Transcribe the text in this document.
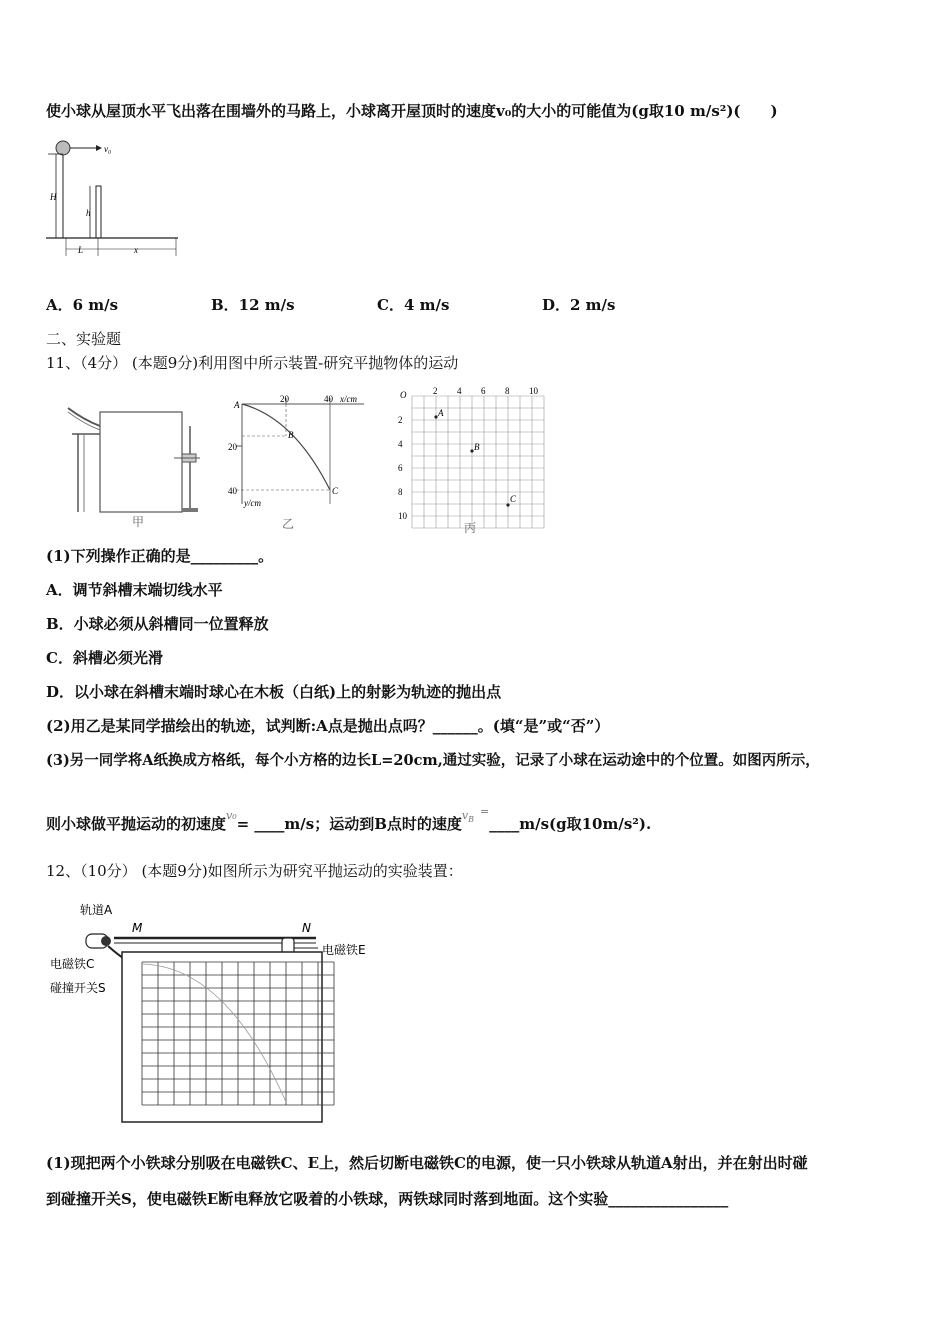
使小球从屋顶水平飞出落在围墙外的马路上，小球离开屋顶时的速度v₀的大小的可能值为(g取10 m/s²)(　　)
v₀
H
h
L	x
A．6 m/s	B．12 m/s	C．4 m/s	D．2 m/s
二、实验题
11、（4分） (本题9分)利用图中所示装置-研究平抛物体的运动
甲
20	40 x/cm
20
40
y/cm
A
B
C
乙
O	2 4 6 8 10
2
4
6
8
10
A
B
C
丙
(1)下列操作正确的是_________。
A．调节斜槽末端切线水平
B．小球必须从斜槽同一位置释放
C．斜槽必须光滑
D．以小球在斜槽末端时球心在木板（白纸)上的射影为轨迹的抛出点
(2)用乙是某同学描绘出的轨迹，试判断:A点是抛出点吗？______。(填“是”或“否”）
(3)另一同学将A纸换成方格纸，每个小方格的边长L=20cm,通过实验，记录了小球在运动途中的个位置。如图丙所示，
则小球做平抛运动的初速度$^{v_0}$= ____m/s；运动到B点时的速度$^{v_B=}$____m/s(g取10m/s²).
12、（10分） (本题9分)如图所示为研究平抛运动的实验装置：
轨道A
M	N
电磁铁C
碰撞开关S
电磁铁E
(1)现把两个小铁球分别吸在电磁铁C、E上，然后切断电磁铁C的电源，使一只小铁球从轨道A射出，并在射出时碰
到碰撞开关S，使电磁铁E断电释放它吸着的小铁球，两铁球同时落到地面。这个实验________________
